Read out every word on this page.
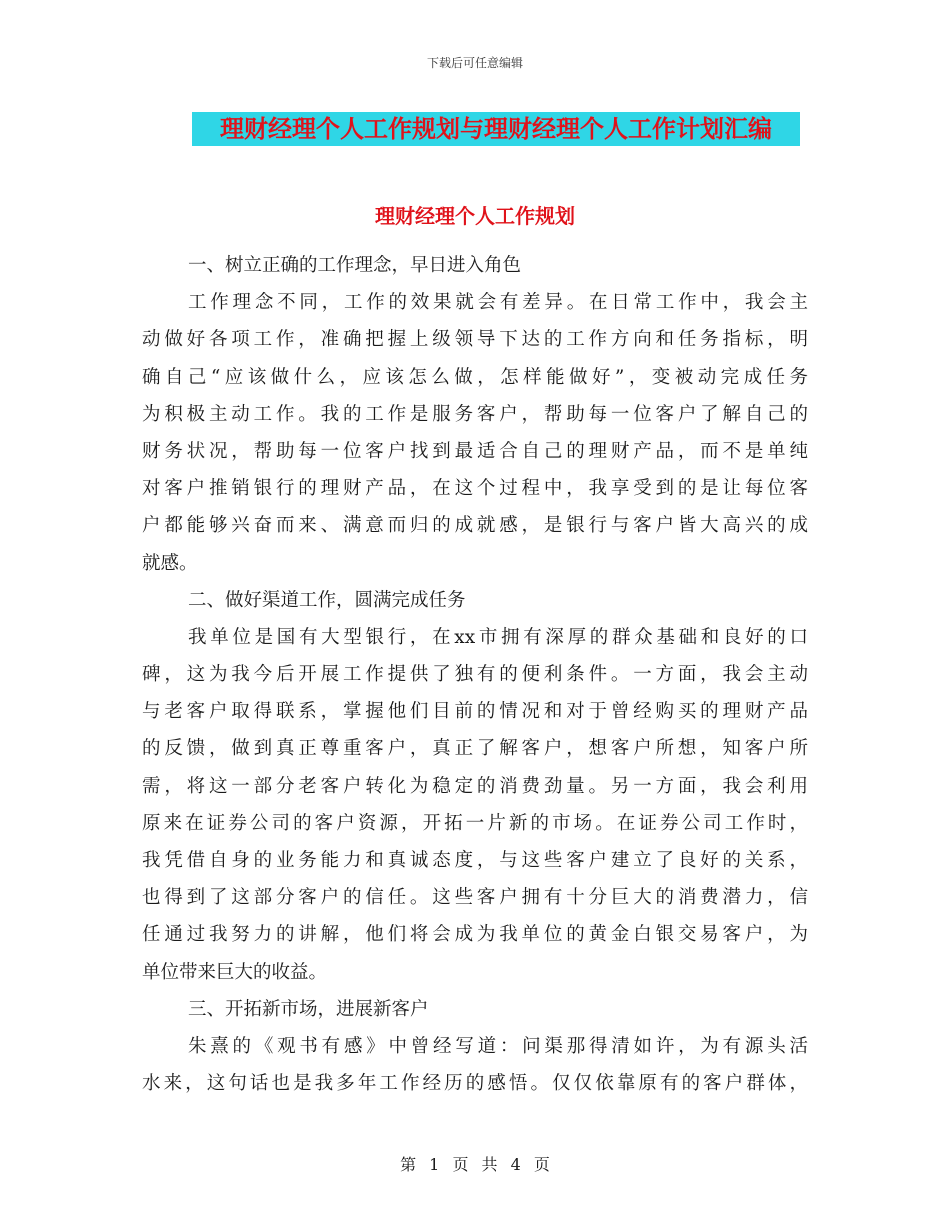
下载后可任意编辑
理财经理个人工作规划与理财经理个人工作计划汇编
理财经理个人工作规划
一、树立正确的工作理念，早日进入角色
工作理念不同，工作的效果就会有差异。在日常工作中，我会主
动做好各项工作，准确把握上级领导下达的工作方向和任务指标，明
确自己“应该做什么，应该怎么做，怎样能做好”，变被动完成任务
为积极主动工作。我的工作是服务客户，帮助每一位客户了解自己的
财务状况，帮助每一位客户找到最适合自己的理财产品，而不是单纯
对客户推销银行的理财产品，在这个过程中，我享受到的是让每位客
户都能够兴奋而来、满意而归的成就感，是银行与客户皆大高兴的成
就感。
二、做好渠道工作，圆满完成任务
我单位是国有大型银行，在xx市拥有深厚的群众基础和良好的口
碑，这为我今后开展工作提供了独有的便利条件。一方面，我会主动
与老客户取得联系，掌握他们目前的情况和对于曾经购买的理财产品
的反馈，做到真正尊重客户，真正了解客户，想客户所想，知客户所
需，将这一部分老客户转化为稳定的消费劲量。另一方面，我会利用
原来在证券公司的客户资源，开拓一片新的市场。在证券公司工作时，
我凭借自身的业务能力和真诚态度，与这些客户建立了良好的关系，
也得到了这部分客户的信任。这些客户拥有十分巨大的消费潜力，信
任通过我努力的讲解，他们将会成为我单位的黄金白银交易客户，为
单位带来巨大的收益。
三、开拓新市场，进展新客户
朱熹的《观书有感》中曾经写道：问渠那得清如许，为有源头活
水来，这句话也是我多年工作经历的感悟。仅仅依靠原有的客户群体，
第 1 页 共 4 页
